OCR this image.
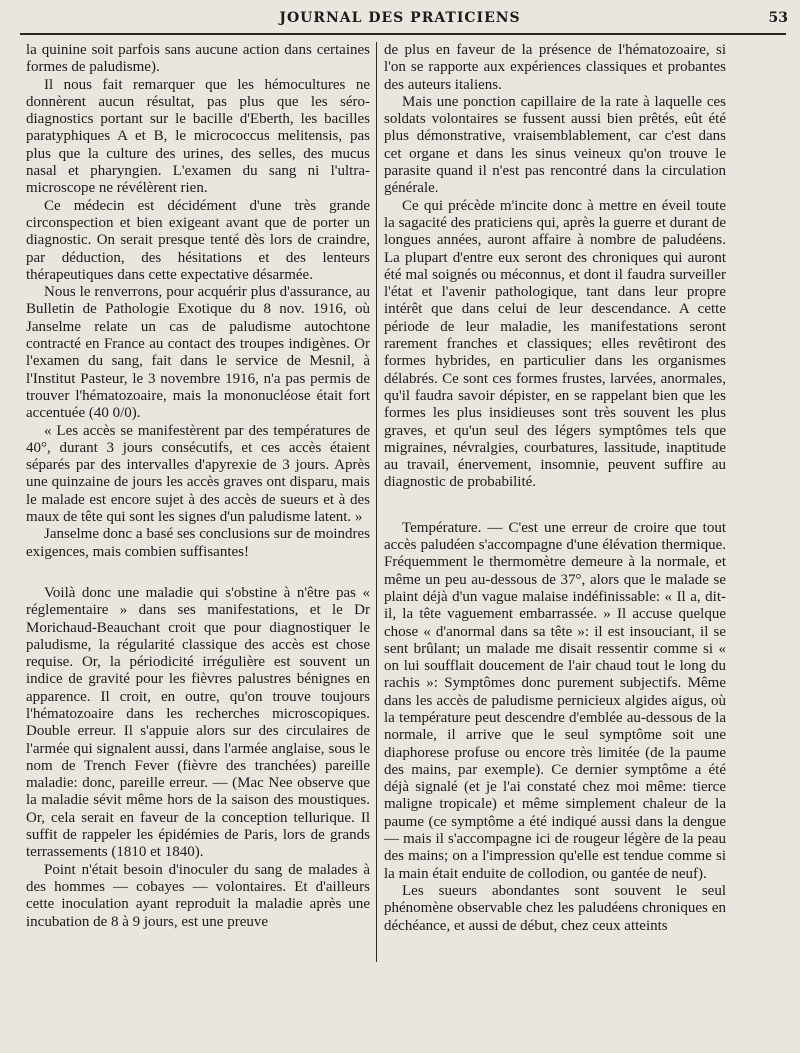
JOURNAL DES PRATICIENS	53

la quinine soit parfois sans aucune action dans certaines formes de paludisme).

Il nous fait remarquer que les hémocultures ne donnèrent aucun résultat, pas plus que les séro-diagnostics portant sur le bacille d'Eberth, les bacilles paratyphiques A et B, le micrococcus melitensis, pas plus que la culture des urines, des selles, des mucus nasal et pharyngien. L'examen du sang ni l'ultra-microscope ne révélèrent rien.

Ce médecin est décidément d'une très grande circonspection et bien exigeant avant que de porter un diagnostic. On serait presque tenté dès lors de craindre, par déduction, des hésitations et des lenteurs thérapeutiques dans cette expectative désarmée.

Nous le renverrons, pour acquérir plus d'assurance, au Bulletin de Pathologie Exotique du 8 nov. 1916, où Janselme relate un cas de paludisme autochtone contracté en France au contact des troupes indigènes. Or l'examen du sang, fait dans le service de Mesnil, à l'Institut Pasteur, le 3 novembre 1916, n'a pas permis de trouver l'hématozoaire, mais la mononucléose était fort accentuée (40 0/0).

« Les accès se manifestèrent par des températures de 40°, durant 3 jours consécutifs, et ces accès étaient séparés par des intervalles d'apyrexie de 3 jours. Après une quinzaine de jours les accès graves ont disparu, mais le malade est encore sujet à des accès de sueurs et à des maux de tête qui sont les signes d'un paludisme latent. »

Janselme donc a basé ses conclusions sur de moindres exigences, mais combien suffisantes!

Voilà donc une maladie qui s'obstine à n'être pas « réglementaire » dans ses manifestations, et le Dr Morichaud-Beauchant croit que pour diagnostiquer le paludisme, la régularité classique des accès est chose requise. Or, la périodicité irrégulière est souvent un indice de gravité pour les fièvres palustres bénignes en apparence. Il croit, en outre, qu'on trouve toujours l'hématozoaire dans les recherches microscopiques. Double erreur. Il s'appuie alors sur des circulaires de l'armée qui signalent aussi, dans l'armée anglaise, sous le nom de Trench Fever (fièvre des tranchées) pareille maladie: donc, pareille erreur. — (Mac Nee observe que la maladie sévit même hors de la saison des moustiques. Or, cela serait en faveur de la conception tellurique. Il suffit de rappeler les épidémies de Paris, lors de grands terrassements (1810 et 1840).

Point n'était besoin d'inoculer du sang de malades à des hommes — cobayes — volontaires. Et d'ailleurs cette inoculation ayant reproduit la maladie après une incubation de 8 à 9 jours, est une preuve

de plus en faveur de la présence de l'hématozoaire, si l'on se rapporte aux expériences classiques et probantes des auteurs italiens.

Mais une ponction capillaire de la rate à laquelle ces soldats volontaires se fussent aussi bien prêtés, eût été plus démonstrative, vraisemblablement, car c'est dans cet organe et dans les sinus veineux qu'on trouve le parasite quand il n'est pas rencontré dans la circulation générale.

Ce qui précède m'incite donc à mettre en éveil toute la sagacité des praticiens qui, après la guerre et durant de longues années, auront affaire à nombre de paludéens. La plupart d'entre eux seront des chroniques qui auront été mal soignés ou méconnus, et dont il faudra surveiller l'état et l'avenir pathologique, tant dans leur propre intérêt que dans celui de leur descendance. A cette période de leur maladie, les manifestations seront rarement franches et classiques; elles revêtiront des formes hybrides, en particulier dans les organismes délabrés. Ce sont ces formes frustes, larvées, anormales, qu'il faudra savoir dépister, en se rappelant bien que les formes les plus insidieuses sont très souvent les plus graves, et qu'un seul des légers symptômes tels que migraines, névralgies, courbatures, lassitude, inaptitude au travail, énervement, insomnie, peuvent suffire au diagnostic de probabilité.

Température. — C'est une erreur de croire que tout accès paludéen s'accompagne d'une élévation thermique. Fréquemment le thermomètre demeure à la normale, et même un peu au-dessous de 37°, alors que le malade se plaint déjà d'un vague malaise indéfinissable: « Il a, dit-il, la tête vaguement embarrassée. » Il accuse quelque chose « d'anormal dans sa tête »: il est insouciant, il se sent brûlant; un malade me disait ressentir comme si « on lui soufflait doucement de l'air chaud tout le long du rachis »: Symptômes donc purement subjectifs. Même dans les accès de paludisme pernicieux algides aigus, où la température peut descendre d'emblée au-dessous de la normale, il arrive que le seul symptôme soit une diaphorese profuse ou encore très limitée (de la paume des mains, par exemple). Ce dernier symptôme a été déjà signalé (et je l'ai constaté chez moi même: tierce maligne tropicale) et même simplement chaleur de la paume (ce symptôme a été indiqué aussi dans la dengue — mais il s'accompagne ici de rougeur légère de la peau des mains; on a l'impression qu'elle est tendue comme si la main était enduite de collodion, ou gantée de neuf).

Les sueurs abondantes sont souvent le seul phénomène observable chez les paludéens chroniques en déchéance, et aussi de début, chez ceux atteints
